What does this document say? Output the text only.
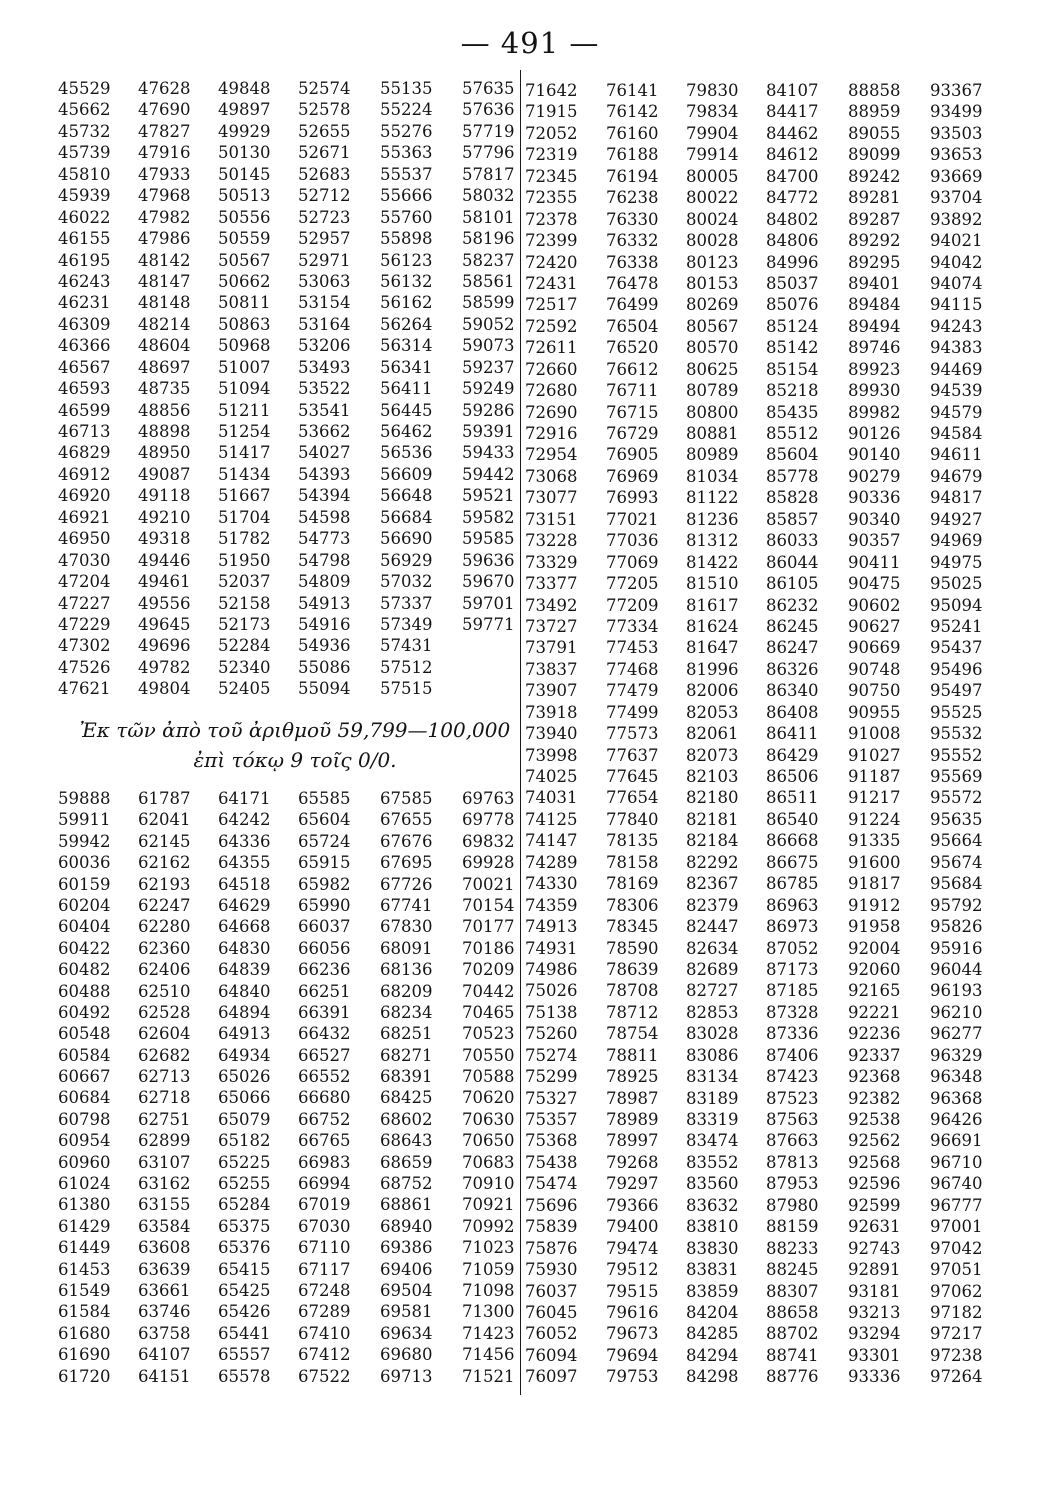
— 491 —
Ἐκ τῶν ἀπὸ τοῦ ἀριθμοῦ 59,799—100,000
ἐπὶ τόκῳ 9 τοῖς 0/0.
45529
45662
45732
45739
45810
45939
46022
46155
46195
46243
46231
46309
46366
46567
46593
46599
46713
46829
46912
46920
46921
46950
47030
47204
47227
47229
47302
47526
47621
47628
47690
47827
47916
47933
47968
47982
47986
48142
48147
48148
48214
48604
48697
48735
48856
48898
48950
49087
49118
49210
49318
49446
49461
49556
49645
49696
49782
49804
49848
49897
49929
50130
50145
50513
50556
50559
50567
50662
50811
50863
50968
51007
51094
51211
51254
51417
51434
51667
51704
51782
51950
52037
52158
52173
52284
52340
52405
52574
52578
52655
52671
52683
52712
52723
52957
52971
53063
53154
53164
53206
53493
53522
53541
53662
54027
54393
54394
54598
54773
54798
54809
54913
54916
54936
55086
55094
55135
55224
55276
55363
55537
55666
55760
55898
56123
56132
56162
56264
56314
56341
56411
56445
56462
56536
56609
56648
56684
56690
56929
57032
57337
57349
57431
57512
57515
57635
57636
57719
57796
57817
58032
58101
58196
58237
58561
58599
59052
59073
59237
59249
59286
59391
59433
59442
59521
59582
59585
59636
59670
59701
59771
59888
59911
59942
60036
60159
60204
60404
60422
60482
60488
60492
60548
60584
60667
60684
60798
60954
60960
61024
61380
61429
61449
61453
61549
61584
61680
61690
61720
61787
62041
62145
62162
62193
62247
62280
62360
62406
62510
62528
62604
62682
62713
62718
62751
62899
63107
63162
63155
63584
63608
63639
63661
63746
63758
64107
64151
64171
64242
64336
64355
64518
64629
64668
64830
64839
64840
64894
64913
64934
65026
65066
65079
65182
65225
65255
65284
65375
65376
65415
65425
65426
65441
65557
65578
65585
65604
65724
65915
65982
65990
66037
66056
66236
66251
66391
66432
66527
66552
66680
66752
66765
66983
66994
67019
67030
67110
67117
67248
67289
67410
67412
67522
67585
67655
67676
67695
67726
67741
67830
68091
68136
68209
68234
68251
68271
68391
68425
68602
68643
68659
68752
68861
68940
69386
69406
69504
69581
69634
69680
69713
69763
69778
69832
69928
70021
70154
70177
70186
70209
70442
70465
70523
70550
70588
70620
70630
70650
70683
70910
70921
70992
71023
71059
71098
71300
71423
71456
71521
71642
71915
72052
72319
72345
72355
72378
72399
72420
72431
72517
72592
72611
72660
72680
72690
72916
72954
73068
73077
73151
73228
73329
73377
73492
73727
73791
73837
73907
73918
73940
73998
74025
74031
74125
74147
74289
74330
74359
74913
74931
74986
75026
75138
75260
75274
75299
75327
75357
75368
75438
75474
75696
75839
75876
75930
76037
76045
76052
76094
76097
76141
76142
76160
76188
76194
76238
76330
76332
76338
76478
76499
76504
76520
76612
76711
76715
76729
76905
76969
76993
77021
77036
77069
77205
77209
77334
77453
77468
77479
77499
77573
77637
77645
77654
77840
78135
78158
78169
78306
78345
78590
78639
78708
78712
78754
78811
78925
78987
78989
78997
79268
79297
79366
79400
79474
79512
79515
79616
79673
79694
79753
79830
79834
79904
79914
80005
80022
80024
80028
80123
80153
80269
80567
80570
80625
80789
80800
80881
80989
81034
81122
81236
81312
81422
81510
81617
81624
81647
81996
82006
82053
82061
82073
82103
82180
82181
82184
82292
82367
82379
82447
82634
82689
82727
82853
83028
83086
83134
83189
83319
83474
83552
83560
83632
83810
83830
83831
83859
84204
84285
84294
84298
84107
84417
84462
84612
84700
84772
84802
84806
84996
85037
85076
85124
85142
85154
85218
85435
85512
85604
85778
85828
85857
86033
86044
86105
86232
86245
86247
86326
86340
86408
86411
86429
86506
86511
86540
86668
86675
86785
86963
86973
87052
87173
87185
87328
87336
87406
87423
87523
87563
87663
87813
87953
87980
88159
88233
88245
88307
88658
88702
88741
88776
88858
88959
89055
89099
89242
89281
89287
89292
89295
89401
89484
89494
89746
89923
89930
89982
90126
90140
90279
90336
90340
90357
90411
90475
90602
90627
90669
90748
90750
90955
91008
91027
91187
91217
91224
91335
91600
91817
91912
91958
92004
92060
92165
92221
92236
92337
92368
92382
92538
92562
92568
92596
92599
92631
92743
92891
93181
93213
93294
93301
93336
93367
93499
93503
93653
93669
93704
93892
94021
94042
94074
94115
94243
94383
94469
94539
94579
94584
94611
94679
94817
94927
94969
94975
95025
95094
95241
95437
95496
95497
95525
95532
95552
95569
95572
95635
95664
95674
95684
95792
95826
95916
96044
96193
96210
96277
96329
96348
96368
96426
96691
96710
96740
96777
97001
97042
97051
97062
97182
97217
97238
97264
